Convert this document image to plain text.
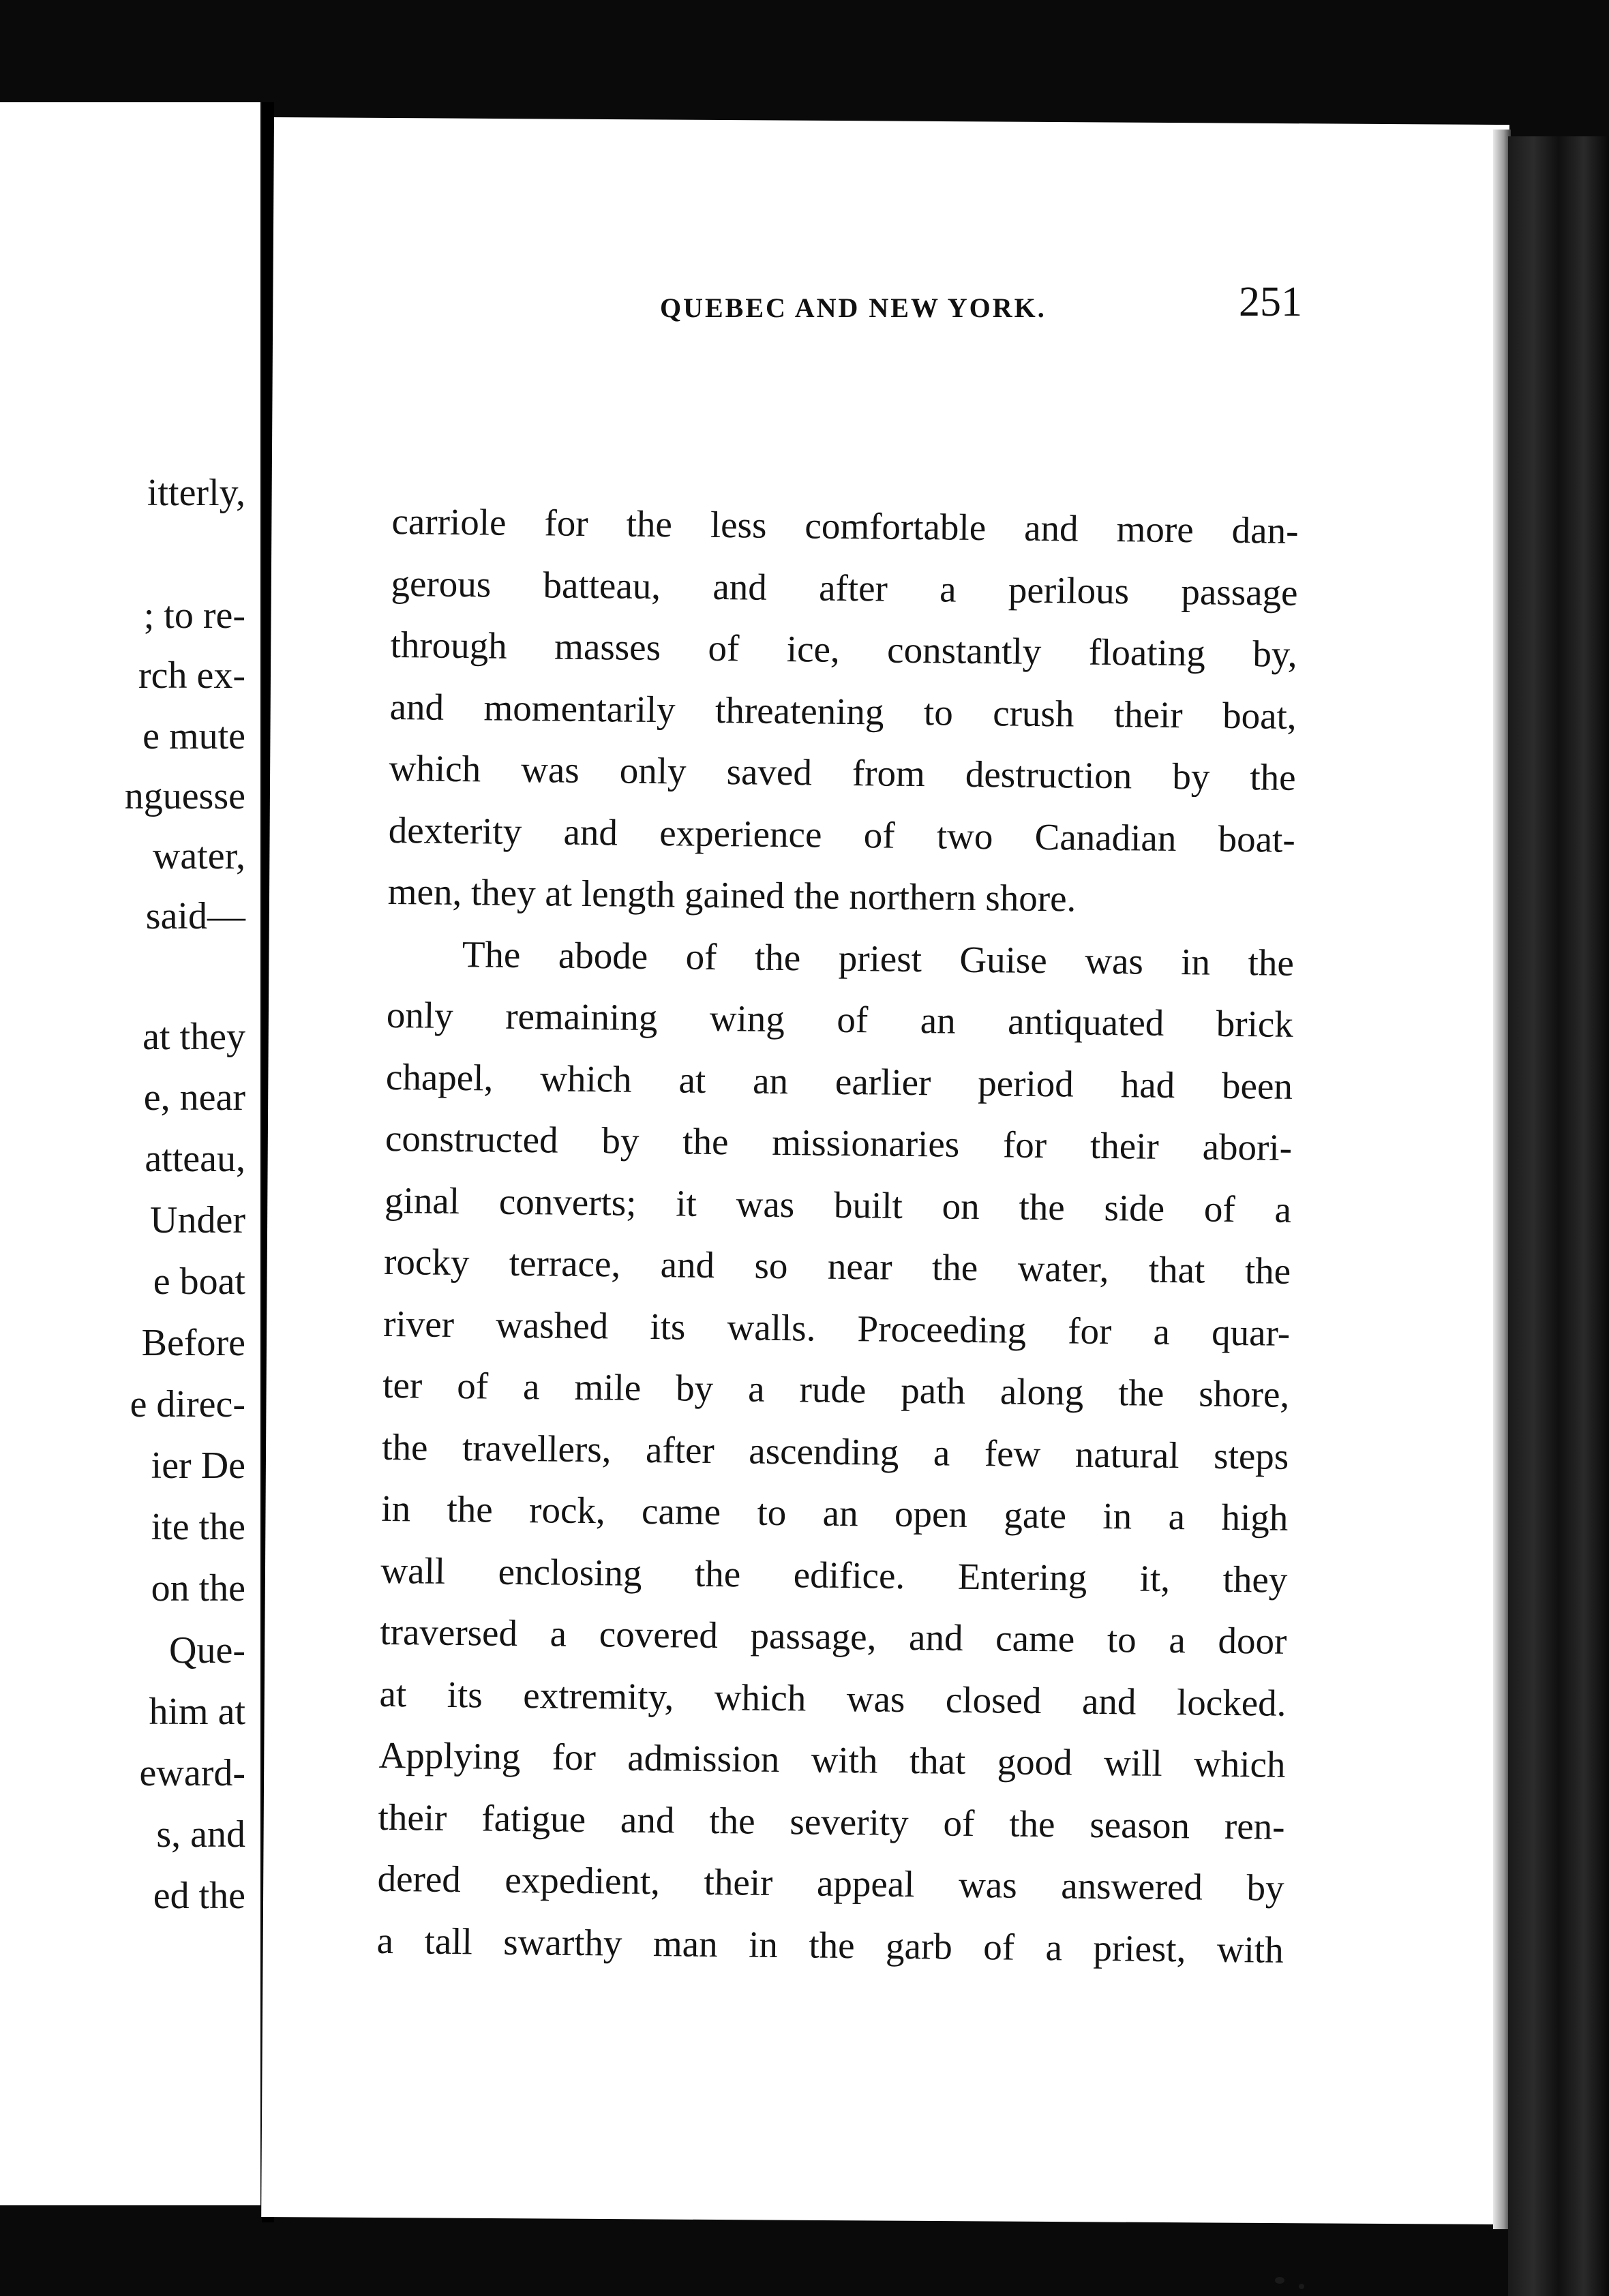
itterly,
; to re-
rch ex-
e mute
nguesse
water,
said—
at they
e, near
atteau,
Under
e boat
Before
e direc-
ier De
ite the
on the
Que-
him at
eward-
s, and
ed the
QUEBEC AND NEW YORK.	251
carriole for the less comfortable and more dan-
gerous batteau, and after a perilous passage
through masses of ice, constantly floating by,
and momentarily threatening to crush their boat,
which was only saved from destruction by the
dexterity and experience of two Canadian boat-
men, they at length gained the northern shore.
The abode of the priest Guise was in the
only remaining wing of an antiquated brick
chapel, which at an earlier period had been
constructed by the missionaries for their abori-
ginal converts; it was built on the side of a
rocky terrace, and so near the water, that the
river washed its walls. Proceeding for a quar-
ter of a mile by a rude path along the shore,
the travellers, after ascending a few natural steps
in the rock, came to an open gate in a high
wall enclosing the edifice. Entering it, they
traversed a covered passage, and came to a door
at its extremity, which was closed and locked.
Applying for admission with that good will which
their fatigue and the severity of the season ren-
dered expedient, their appeal was answered by
a tall swarthy man in the garb of a priest, with
